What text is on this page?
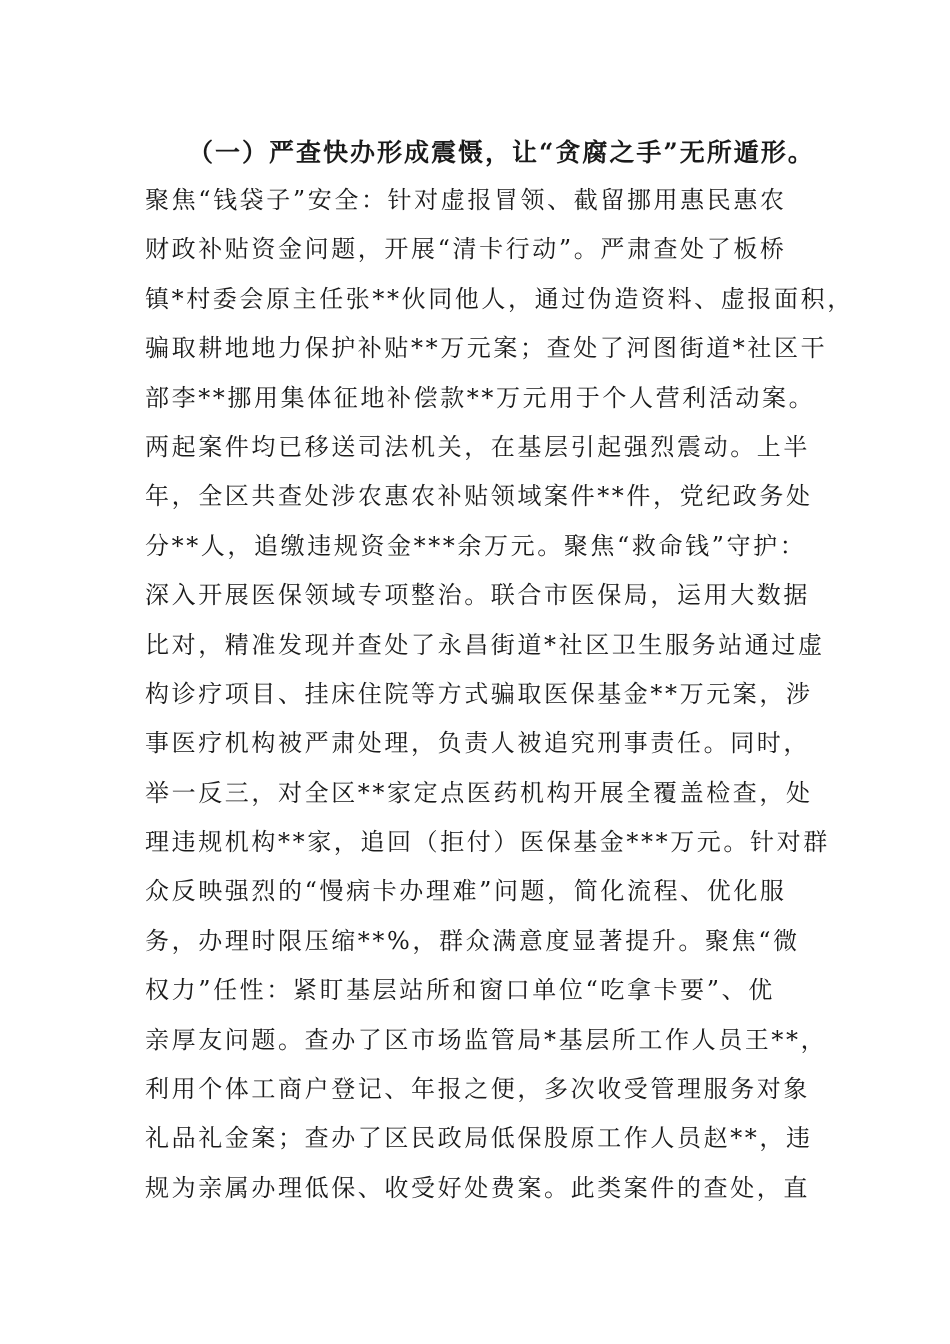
（一）严查快办形成震慑，让“贪腐之手”无所遁形。
聚焦“钱袋子”安全：针对虚报冒领、截留挪用惠民惠农
财政补贴资金问题，开展“清卡行动”。严肃查处了板桥
镇*村委会原主任张**伙同他人，通过伪造资料、虚报面积，
骗取耕地地力保护补贴**万元案；查处了河图街道*社区干
部李**挪用集体征地补偿款**万元用于个人营利活动案。
两起案件均已移送司法机关，在基层引起强烈震动。上半
年，全区共查处涉农惠农补贴领域案件**件，党纪政务处
分**人，追缴违规资金***余万元。聚焦“救命钱”守护：
深入开展医保领域专项整治。联合市医保局，运用大数据
比对，精准发现并查处了永昌街道*社区卫生服务站通过虚
构诊疗项目、挂床住院等方式骗取医保基金**万元案，涉
事医疗机构被严肃处理，负责人被追究刑事责任。同时，
举一反三，对全区**家定点医药机构开展全覆盖检查，处
理违规机构**家，追回（拒付）医保基金***万元。针对群
众反映强烈的“慢病卡办理难”问题，简化流程、优化服
务，办理时限压缩**%，群众满意度显著提升。聚焦“微
权力”任性：紧盯基层站所和窗口单位“吃拿卡要”、优
亲厚友问题。查办了区市场监管局*基层所工作人员王**，
利用个体工商户登记、年报之便，多次收受管理服务对象
礼品礼金案；查办了区民政局低保股原工作人员赵**，违
规为亲属办理低保、收受好处费案。此类案件的查处，直
